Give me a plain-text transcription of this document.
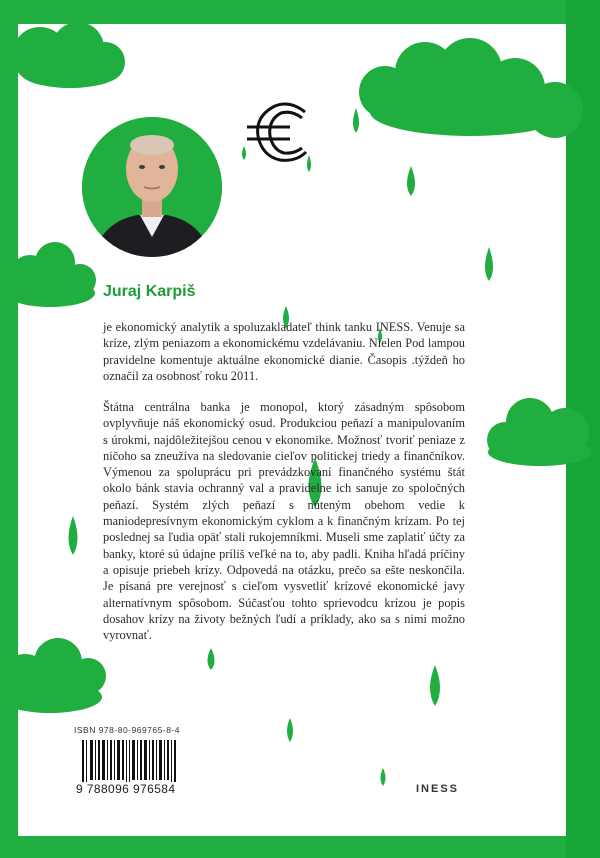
Juraj Karpiš

je ekonomický analytik a spoluzakladateľ think tanku INESS. Venuje sa krízе, zlým peniazom a ekonomickému vzdelávaniu. Nielen Pod lampou pravidelne komentuje aktuálne ekonomické dianie. Časopis .týždeň ho označil za osobnosť roku 2011.

Štátna centrálna banka je monopol, ktorý zásadným spôsobom ovplyvňuje náš ekonomický osud. Produkciou peňazí a manipulovaním s úrokmi, najdôležitejšou cenou v ekonomike. Možnosť tvoriť peniaze z ničoho sa zneužíva na sledovanie cieľov politickej triedy a finančníkov. Výmenou za spoluprácu pri prevádzkovaní finančného systému štát okolo bánk stavia ochranný val a pravidelne ich sanuje zo spoločných peňazí. Systém zlých peňazí s núteným obehom vedie k maniodepresívnym ekonomickým cyklom a k finančným krízam. Po tej poslednej sa ľudia opäť stali rukojemníkmi. Museli sme zaplatiť účty za banky, ktoré sú údajne príliš veľké na to, aby padli. Kniha hľadá príčiny a opisuje priebeh krízy. Odpovedá na otázku, prečo sa ešte neskončila. Je písaná pre verejnosť s cieľom vysvetliť krízové ekonomické javy alternatívnym spôsobom. Súčasťou tohto sprievodcu krízou je popis dosahov krízy na životy bežných ľudí a príklady, ako sa s nimi možno vyrovnať.

ISBN 978-80-969765-8-4
9 788096 976584	INESS
